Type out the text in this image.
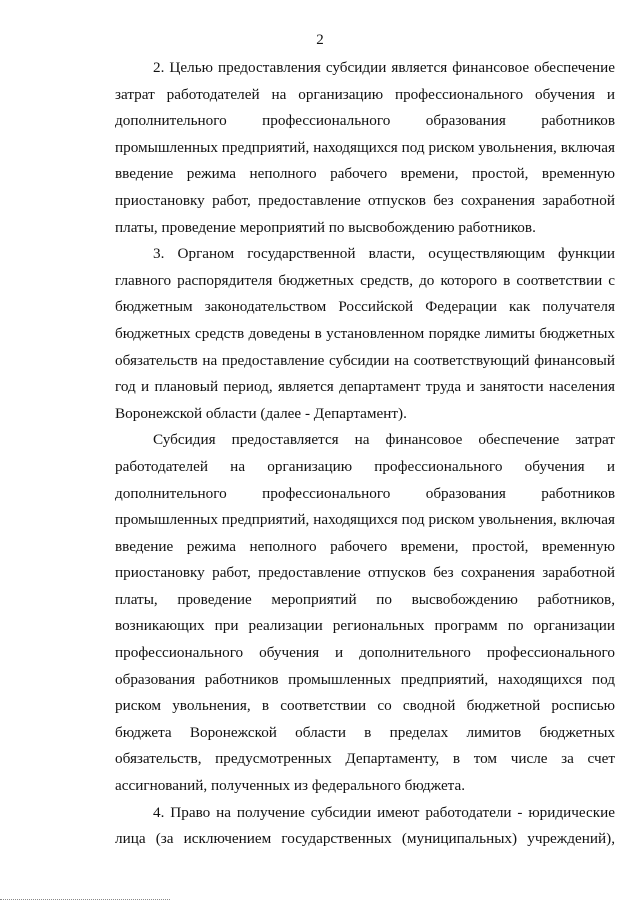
2
2. Целью предоставления субсидии является финансовое обеспечение
затрат работодателей на организацию профессионального обучения и
дополнительного профессионального образования работников
промышленных предприятий, находящихся под риском увольнения, включая
введение режима неполного рабочего времени, простой, временную
приостановку работ, предоставление отпусков без сохранения заработной
платы, проведение мероприятий по высвобождению работников.
3. Органом государственной власти, осуществляющим функции
главного распорядителя бюджетных средств, до которого в соответствии с
бюджетным законодательством Российской Федерации как получателя
бюджетных средств доведены в установленном порядке лимиты бюджетных
обязательств на предоставление субсидии на соответствующий финансовый
год и плановый период, является департамент труда и занятости населения
Воронежской области (далее - Департамент).
Субсидия предоставляется на финансовое обеспечение затрат
работодателей на организацию профессионального обучения и
дополнительного профессионального образования работников
промышленных предприятий, находящихся под риском увольнения, включая
введение режима неполного рабочего времени, простой, временную
приостановку работ, предоставление отпусков без сохранения заработной
платы, проведение мероприятий по высвобождению работников,
возникающих при реализации региональных программ по организации
профессионального обучения и дополнительного профессионального
образования работников промышленных предприятий, находящихся под
риском увольнения, в соответствии со сводной бюджетной росписью
бюджета Воронежской области в пределах лимитов бюджетных
обязательств, предусмотренных Департаменту, в том числе за счет
ассигнований, полученных из федерального бюджета.
4. Право на получение субсидии имеют работодатели - юридические
лица (за исключением государственных (муниципальных) учреждений),
